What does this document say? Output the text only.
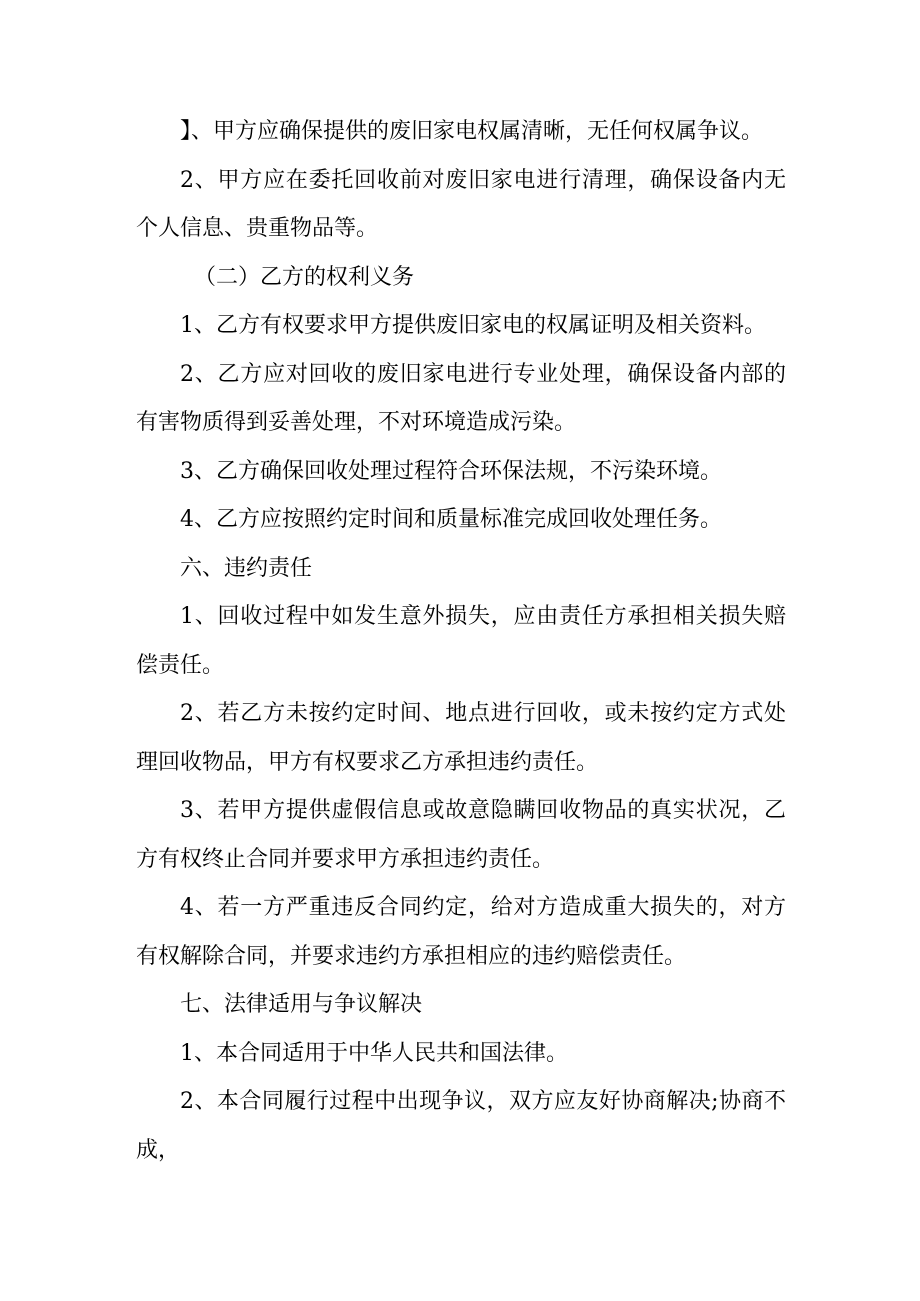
】、甲方应确保提供的废旧家电权属清晰，无任何权属争议。

2、甲方应在委托回收前对废旧家电进行清理，确保设备内无个人信息、贵重物品等。

（二）乙方的权利义务

1、乙方有权要求甲方提供废旧家电的权属证明及相关资料。

2、乙方应对回收的废旧家电进行专业处理，确保设备内部的有害物质得到妥善处理，不对环境造成污染。

3、乙方确保回收处理过程符合环保法规，不污染环境。

4、乙方应按照约定时间和质量标准完成回收处理任务。

六、违约责任

1、回收过程中如发生意外损失，应由责任方承担相关损失赔偿责任。

2、若乙方未按约定时间、地点进行回收，或未按约定方式处理回收物品，甲方有权要求乙方承担违约责任。

3、若甲方提供虚假信息或故意隐瞒回收物品的真实状况，乙方有权终止合同并要求甲方承担违约责任。

4、若一方严重违反合同约定，给对方造成重大损失的，对方有权解除合同，并要求违约方承担相应的违约赔偿责任。

七、法律适用与争议解决

1、本合同适用于中华人民共和国法律。

2、本合同履行过程中出现争议，双方应友好协商解决;协商不成，
